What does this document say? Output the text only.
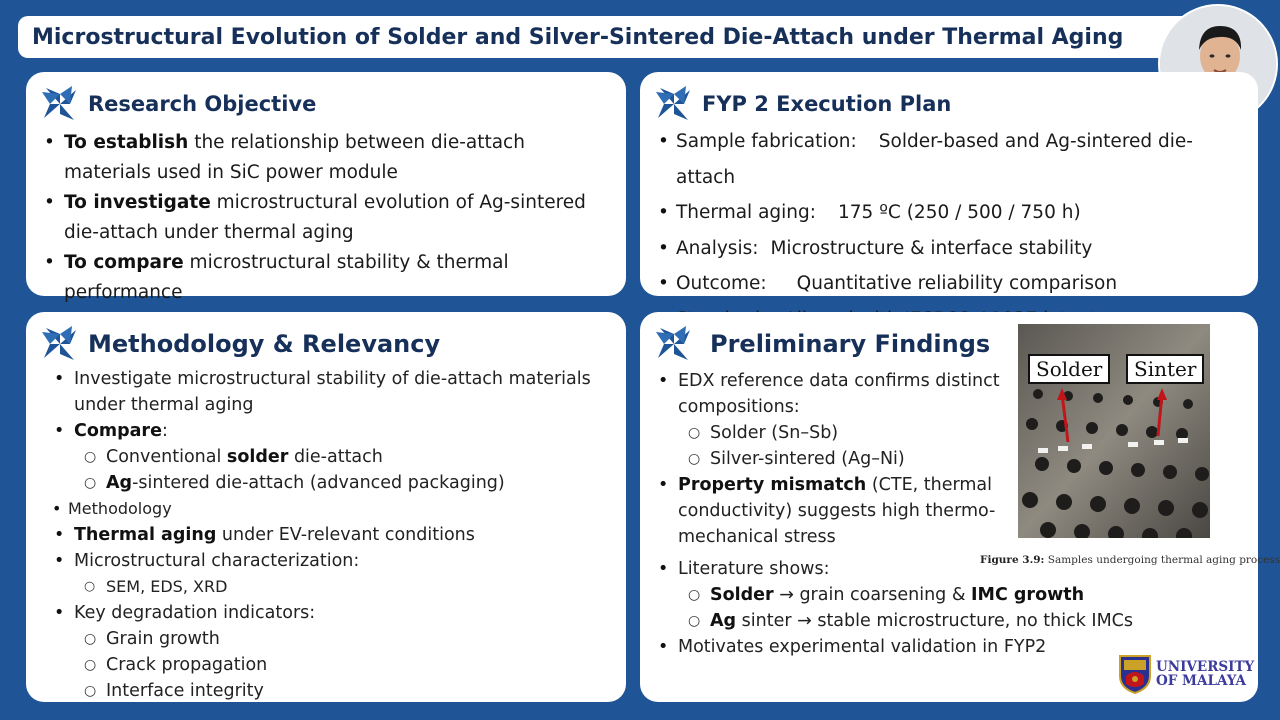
Microstructural Evolution of Solder and Silver-Sintered Die-Attach under Thermal Aging
Research Objective
• To establish the relationship between die-attach materials used in SiC power module
• To investigate microstructural evolution of Ag-sintered die-attach under thermal aging
• To compare microstructural stability & thermal performance
FYP 2 Execution Plan
• Sample fabrication: Solder-based and Ag-sintered die-attach
• Thermal aging: 175 ºC (250 / 500 / 750 h)
• Analysis: Microstructure & interface stability
• Outcome: Quantitative reliability comparison
•
Methodology & Relevancy
• Investigate microstructural stability of die-attach materials under thermal aging
• Compare:
○ Conventional solder die-attach
○ Ag-sintered die-attach (advanced packaging)
• Methodology
• Thermal aging under EV-relevant conditions
• Microstructural characterization:
○ SEM, EDS, XRD
• Key degradation indicators:
○ Grain growth
○ Crack propagation
○ Interface integrity
Preliminary Findings
• EDX reference data confirms distinct compositions:
○ Solder (Sn–Sb)
○ Silver-sintered (Ag–Ni)
• Property mismatch (CTE, thermal conductivity) suggests high thermo-mechanical stress
• Literature shows:
○ Solder → grain coarsening & IMC growth
○ Ag sinter → stable microstructure, no thick IMCs
• Motivates experimental validation in FYP2
Solder	Sinter
Figure 3.9: Samples undergoing thermal aging process
UNIVERSITY
OF MALAYA
